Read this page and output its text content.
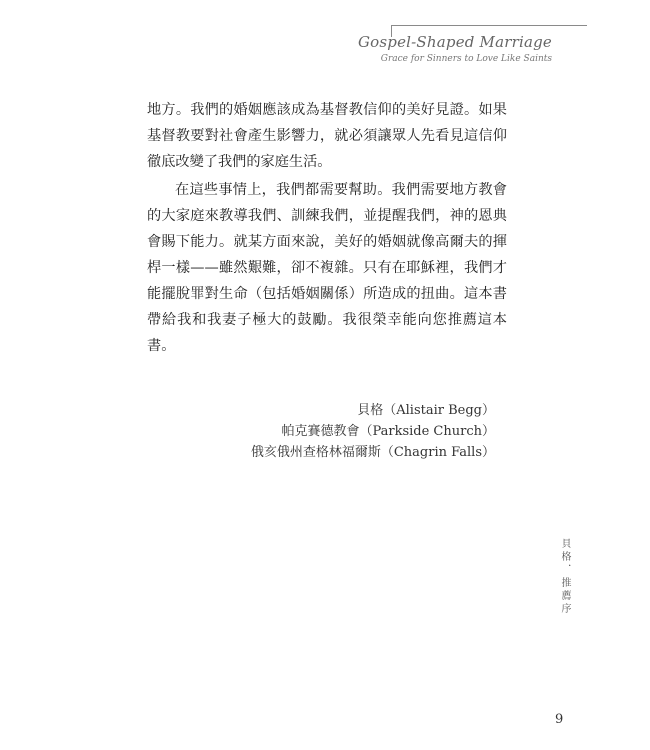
Gospel-Shaped Marriage
Grace for Sinners to Love Like Saints

地方。我們的婚姻應該成為基督教信仰的美好見證。如果基督教要對社會產生影響力，就必須讓眾人先看見這信仰徹底改變了我們的家庭生活。

在這些事情上，我們都需要幫助。我們需要地方教會的大家庭來教導我們、訓練我們，並提醒我們，神的恩典會賜下能力。就某方面來說，美好的婚姻就像高爾夫的揮桿一樣——雖然艱難，卻不複雜。只有在耶穌裡，我們才能擺脫罪對生命（包括婚姻關係）所造成的扭曲。這本書帶給我和我妻子極大的鼓勵。我很榮幸能向您推薦這本書。

貝格（Alistair Begg）
帕克賽德教會（Parkside Church）
俄亥俄州查格林福爾斯（Chagrin Falls）
貝格．推薦序
9
